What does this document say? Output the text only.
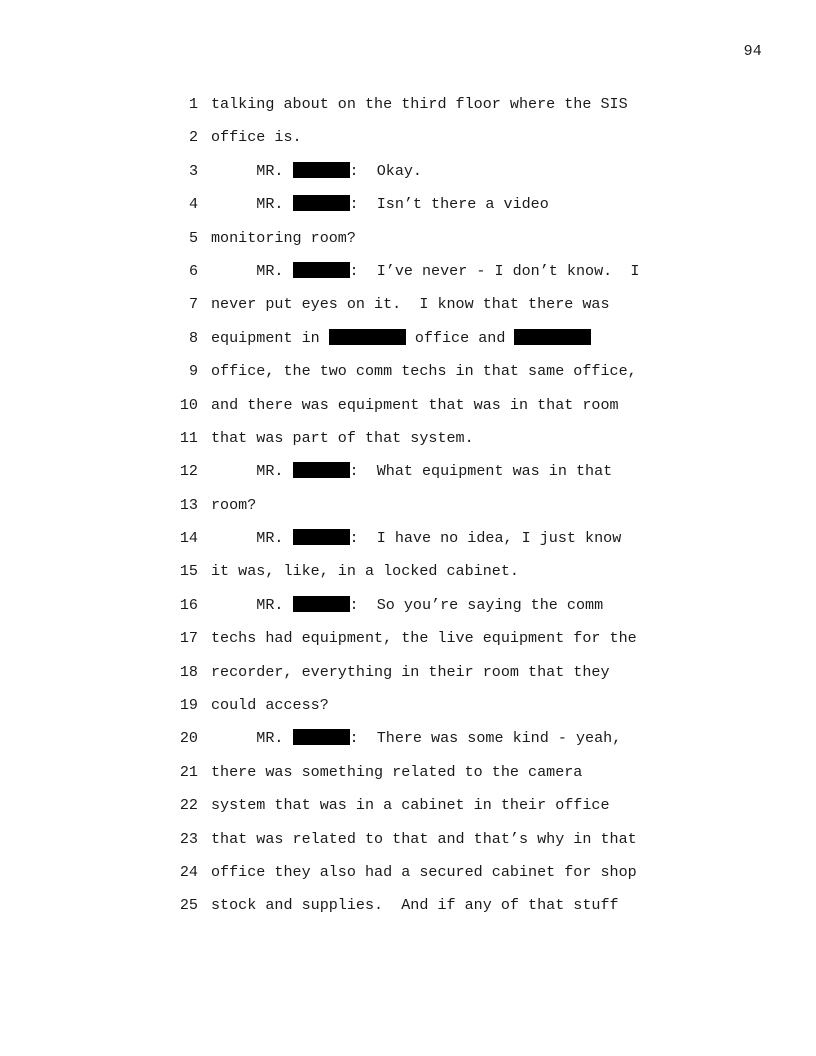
94
1 talking about on the third floor where the SIS
2 office is.
3 MR.	:  Okay.
4 MR.	:  Isn’t there a video
5 monitoring room?
6 MR.	:  I’ve never - I don’t know.  I
7 never put eyes on it.  I know that there was
8 equipment in	office and
9 office, the two comm techs in that same office,
10 and there was equipment that was in that room
11 that was part of that system.
12 MR.	:  What equipment was in that
13 room?
14 MR.	:  I have no idea, I just know
15 it was, like, in a locked cabinet.
16 MR.	:  So you’re saying the comm
17 techs had equipment, the live equipment for the
18 recorder, everything in their room that they
19 could access?
20 MR.	:  There was some kind - yeah,
21 there was something related to the camera
22 system that was in a cabinet in their office
23 that was related to that and that’s why in that
24 office they also had a secured cabinet for shop
25 stock and supplies.  And if any of that stuff
